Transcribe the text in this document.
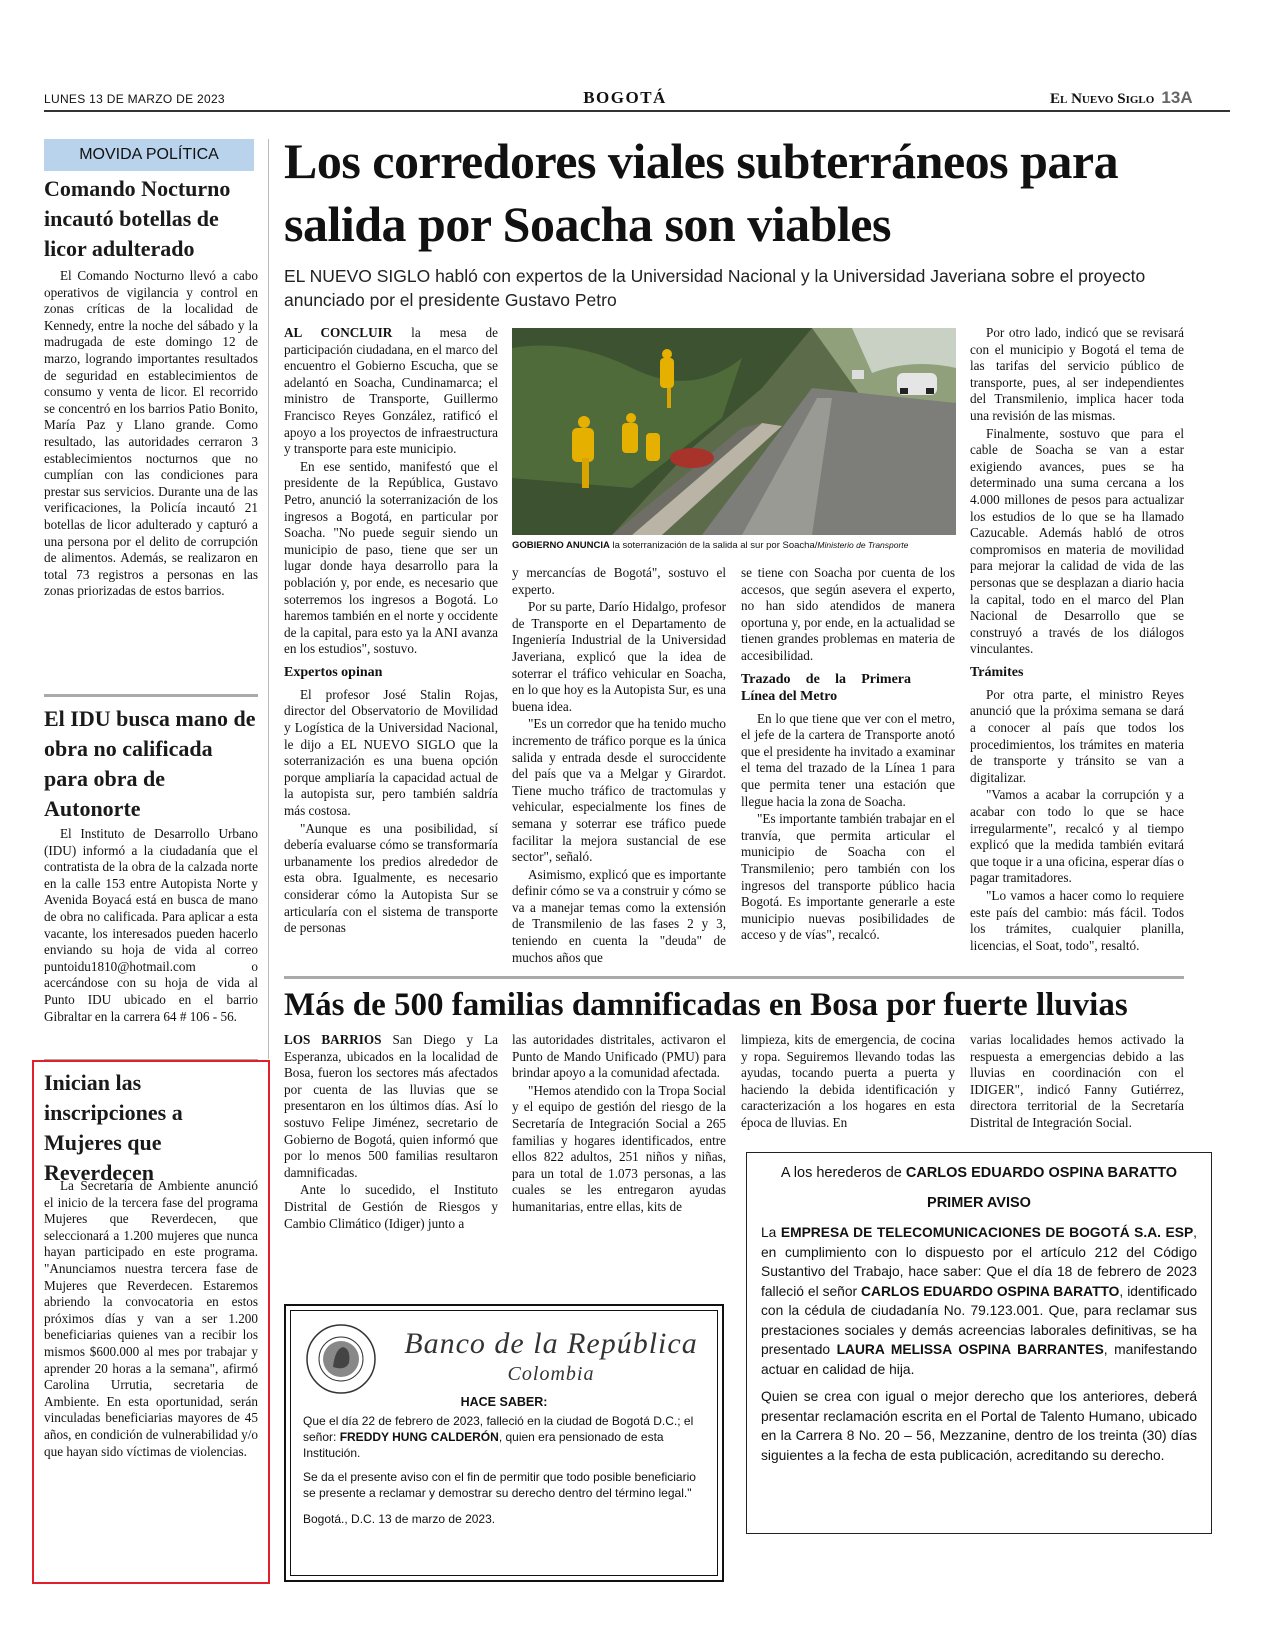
LUNES 13 DE MARZO DE 2023	BOGOTÁ	El Nuevo Siglo 13A
MOVIDA POLÍTICA
Comando Nocturno incautó botellas de licor adulterado

El Comando Nocturno llevó a cabo operativos de vigilancia y control en zonas críticas de la localidad de Kennedy, entre la noche del sábado y la madrugada de este domingo 12 de marzo, logrando importantes resultados de seguridad en establecimientos de consumo y venta de licor. El recorrido se concentró en los barrios Patio Bonito, María Paz y Llano grande. Como resultado, las autoridades cerraron 3 establecimientos nocturnos que no cumplían con las condiciones para prestar sus servicios. Durante una de las verificaciones, la Policía incautó 21 botellas de licor adulterado y capturó a una persona por el delito de corrupción de alimentos. Además, se realizaron en total 73 registros a personas en las zonas priorizadas de estos barrios.

El IDU busca mano de obra no calificada para obra de Autonorte

El Instituto de Desarrollo Urbano (IDU) informó a la ciudadanía que el contratista de la obra de la calzada norte en la calle 153 entre Autopista Norte y Avenida Boyacá está en busca de mano de obra no calificada. Para aplicar a esta vacante, los interesados pueden hacerlo enviando su hoja de vida al correo puntoidu1810@hotmail.com o acercándose con su hoja de vida al Punto IDU ubicado en el barrio Gibraltar en la carrera 64 # 106 - 56.

Inician las inscripciones a Mujeres que Reverdecen

La Secretaría de Ambiente anunció el inicio de la tercera fase del programa Mujeres que Reverdecen, que seleccionará a 1.200 mujeres que nunca hayan participado en este programa. "Anunciamos nuestra tercera fase de Mujeres que Reverdecen. Estaremos abriendo la convocatoria en estos próximos días y van a ser 1.200 beneficiarias quienes van a recibir los mismos $600.000 al mes por trabajar y aprender 20 horas a la semana", afirmó Carolina Urrutia, secretaria de Ambiente. En esta oportunidad, serán vinculadas beneficiarias mayores de 45 años, en condición de vulnerabilidad y/o que hayan sido víctimas de violencias.

Los corredores viales subterráneos para salida por Soacha son viables
EL NUEVO SIGLO habló con expertos de la Universidad Nacional y la Universidad Javeriana sobre el proyecto anunciado por el presidente Gustavo Petro

AL CONCLUIR la mesa de participación ciudadana, en el marco del encuentro el Gobierno Escucha, que se adelantó en Soacha, Cundinamarca; el ministro de Transporte, Guillermo Francisco Reyes González, ratificó el apoyo a los proyectos de infraestructura y transporte para este municipio.

En ese sentido, manifestó que el presidente de la República, Gustavo Petro, anunció la soterranización de los ingresos a Bogotá, en particular por Soacha. "No puede seguir siendo un municipio de paso, tiene que ser un lugar donde haya desarrollo para la población y, por ende, es necesario que soterremos los ingresos a Bogotá. Lo haremos también en el norte y occidente de la capital, para esto ya la ANI avanza en los estudios", sostuvo.

Expertos opinan

El profesor José Stalin Rojas, director del Observatorio de Movilidad y Logística de la Universidad Nacional, le dijo a EL NUEVO SIGLO que la soterranización es una buena opción porque ampliaría la capacidad actual de la autopista sur, pero también saldría más costosa.

"Aunque es una posibilidad, sí debería evaluarse cómo se transformaría urbanamente los predios alrededor de esta obra. Igualmente, es necesario considerar cómo la Autopista Sur se articularía con el sistema de transporte de personas

GOBIERNO ANUNCIA la soterranización de la salida al sur por Soacha/Ministerio de Transporte

y mercancías de Bogotá", sostuvo el experto.

Por su parte, Darío Hidalgo, profesor de Transporte en el Departamento de Ingeniería Industrial de la Universidad Javeriana, explicó que la idea de soterrar el tráfico vehicular en Soacha, en lo que hoy es la Autopista Sur, es una buena idea.

"Es un corredor que ha tenido mucho incremento de tráfico porque es la única salida y entrada desde el suroccidente del país que va a Melgar y Girardot. Tiene mucho tráfico de tractomulas y vehicular, especialmente los fines de semana y soterrar ese tráfico puede facilitar la mejora sustancial de ese sector", señaló.

Asimismo, explicó que es importante definir cómo se va a construir y cómo se va a manejar temas como la extensión de Transmilenio de las fases 2 y 3, teniendo en cuenta la "deuda" de muchos años que

se tiene con Soacha por cuenta de los accesos, que según asevera el experto, no han sido atendidos de manera oportuna y, por ende, en la actualidad se tienen grandes problemas en materia de accesibilidad.

Trazado de la Primera Línea del Metro

En lo que tiene que ver con el metro, el jefe de la cartera de Transporte anotó que el presidente ha invitado a examinar el tema del trazado de la Línea 1 para que permita tener una estación que llegue hacia la zona de Soacha.

"Es importante también trabajar en el tranvía, que permita articular el municipio de Soacha con el Transmilenio; pero también con los ingresos del transporte público hacia Bogotá. Es importante generarle a este municipio nuevas posibilidades de acceso y de vías", recalcó.

Por otro lado, indicó que se revisará con el municipio y Bogotá el tema de las tarifas del servicio público de transporte, pues, al ser independientes del Transmilenio, implica hacer toda una revisión de las mismas.

Finalmente, sostuvo que para el cable de Soacha se van a estar exigiendo avances, pues se ha determinado una suma cercana a los 4.000 millones de pesos para actualizar los estudios de lo que se ha llamado Cazucable. Además habló de otros compromisos en materia de movilidad para mejorar la calidad de vida de las personas que se desplazan a diario hacia la capital, todo en el marco del Plan Nacional de Desarrollo que se construyó a través de los diálogos vinculantes.

Trámites

Por otra parte, el ministro Reyes anunció que la próxima semana se dará a conocer al país que todos los procedimientos, los trámites en materia de transporte y tránsito se van a digitalizar.

"Vamos a acabar la corrupción y a acabar con todo lo que se hace irregularmente", recalcó y al tiempo explicó que la medida también evitará que toque ir a una oficina, esperar días o pagar tramitadores.

"Lo vamos a hacer como lo requiere este país del cambio: más fácil. Todos los trámites, cualquier planilla, licencias, el Soat, todo", resaltó.

Más de 500 familias damnificadas en Bosa por fuerte lluvias

LOS BARRIOS San Diego y La Esperanza, ubicados en la localidad de Bosa, fueron los sectores más afectados por cuenta de las lluvias que se presentaron en los últimos días. Así lo sostuvo Felipe Jiménez, secretario de Gobierno de Bogotá, quien informó que por lo menos 500 familias resultaron damnificadas.

Ante lo sucedido, el Instituto Distrital de Gestión de Riesgos y Cambio Climático (Idiger) junto a

las autoridades distritales, activaron el Punto de Mando Unificado (PMU) para brindar apoyo a la comunidad afectada.

"Hemos atendido con la Tropa Social y el equipo de gestión del riesgo de la Secretaría de Integración Social a 265 familias y hogares identificados, entre ellos 822 adultos, 251 niños y niñas, para un total de 1.073 personas, a las cuales se les entregaron ayudas humanitarias, entre ellas, kits de

limpieza, kits de emergencia, de cocina y ropa. Seguiremos llevando todas las ayudas, tocando puerta a puerta y haciendo la debida identificación y caracterización a los hogares en esta época de lluvias. En

varias localidades hemos activado la respuesta a emergencias debido a las lluvias en coordinación con el IDIGER", indicó Fanny Gutiérrez, directora territorial de la Secretaría Distrital de Integración Social.

Banco de la República
Colombia
HACE SABER:

Que el día 22 de febrero de 2023, falleció en la ciudad de Bogotá D.C.; el señor: FREDDY HUNG CALDERÓN, quien era pensionado de esta Institución.

Se da el presente aviso con el fin de permitir que todo posible beneficiario se presente a reclamar y demostrar su derecho dentro del término legal."

Bogotá., D.C. 13 de marzo de 2023.

A los herederos de CARLOS EDUARDO OSPINA BARATTO
PRIMER AVISO

La EMPRESA DE TELECOMUNICACIONES DE BOGOTÁ S.A. ESP, en cumplimiento con lo dispuesto por el artículo 212 del Código Sustantivo del Trabajo, hace saber: Que el día 18 de febrero de 2023 falleció el señor CARLOS EDUARDO OSPINA BARATTO, identificado con la cédula de ciudadanía No. 79.123.001. Que, para reclamar sus prestaciones sociales y demás acreencias laborales definitivas, se ha presentado LAURA MELISSA OSPINA BARRANTES, manifestando actuar en calidad de hija.

Quien se crea con igual o mejor derecho que los anteriores, deberá presentar reclamación escrita en el Portal de Talento Humano, ubicado en la Carrera 8 No. 20 – 56, Mezzanine, dentro de los treinta (30) días siguientes a la fecha de esta publicación, acreditando su derecho.
